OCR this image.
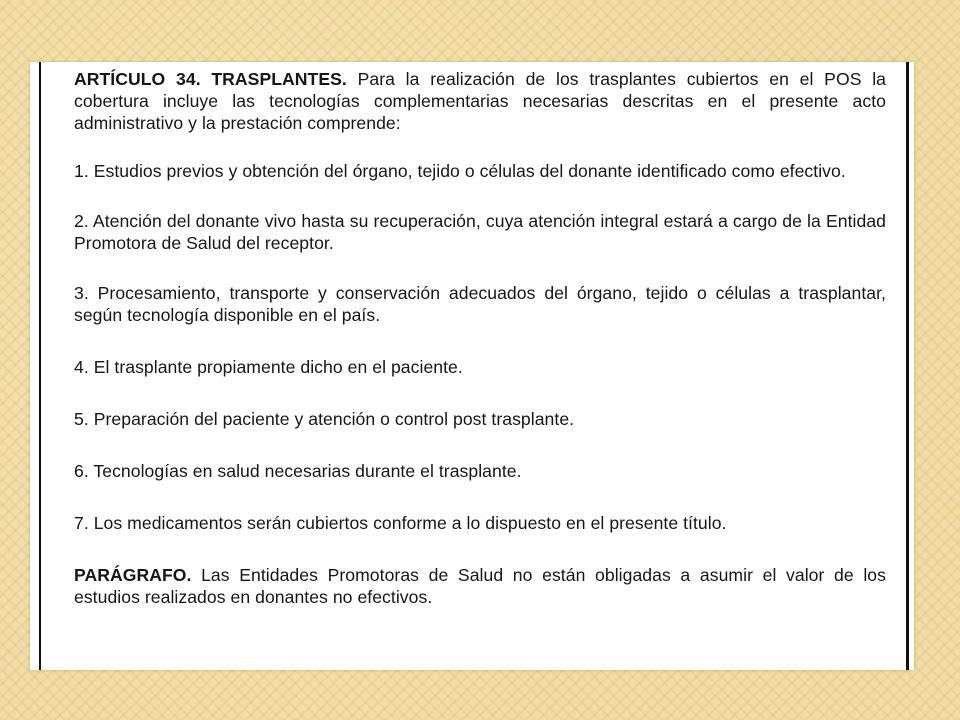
ARTÍCULO 34. TRASPLANTES. Para la realización de los trasplantes cubiertos en el POS la cobertura incluye las tecnologías complementarias necesarias descritas en el presente acto administrativo y la prestación comprende:

1. Estudios previos y obtención del órgano, tejido o células del donante identificado como efectivo.

2. Atención del donante vivo hasta su recuperación, cuya atención integral estará a cargo de la Entidad Promotora de Salud del receptor.

3. Procesamiento, transporte y conservación adecuados del órgano, tejido o células a trasplantar, según tecnología disponible en el país.

4. El trasplante propiamente dicho en el paciente.

5. Preparación del paciente y atención o control post trasplante.

6. Tecnologías en salud necesarias durante el trasplante.

7. Los medicamentos serán cubiertos conforme a lo dispuesto en el presente título.

PARÁGRAFO. Las Entidades Promotoras de Salud no están obligadas a asumir el valor de los estudios realizados en donantes no efectivos.
